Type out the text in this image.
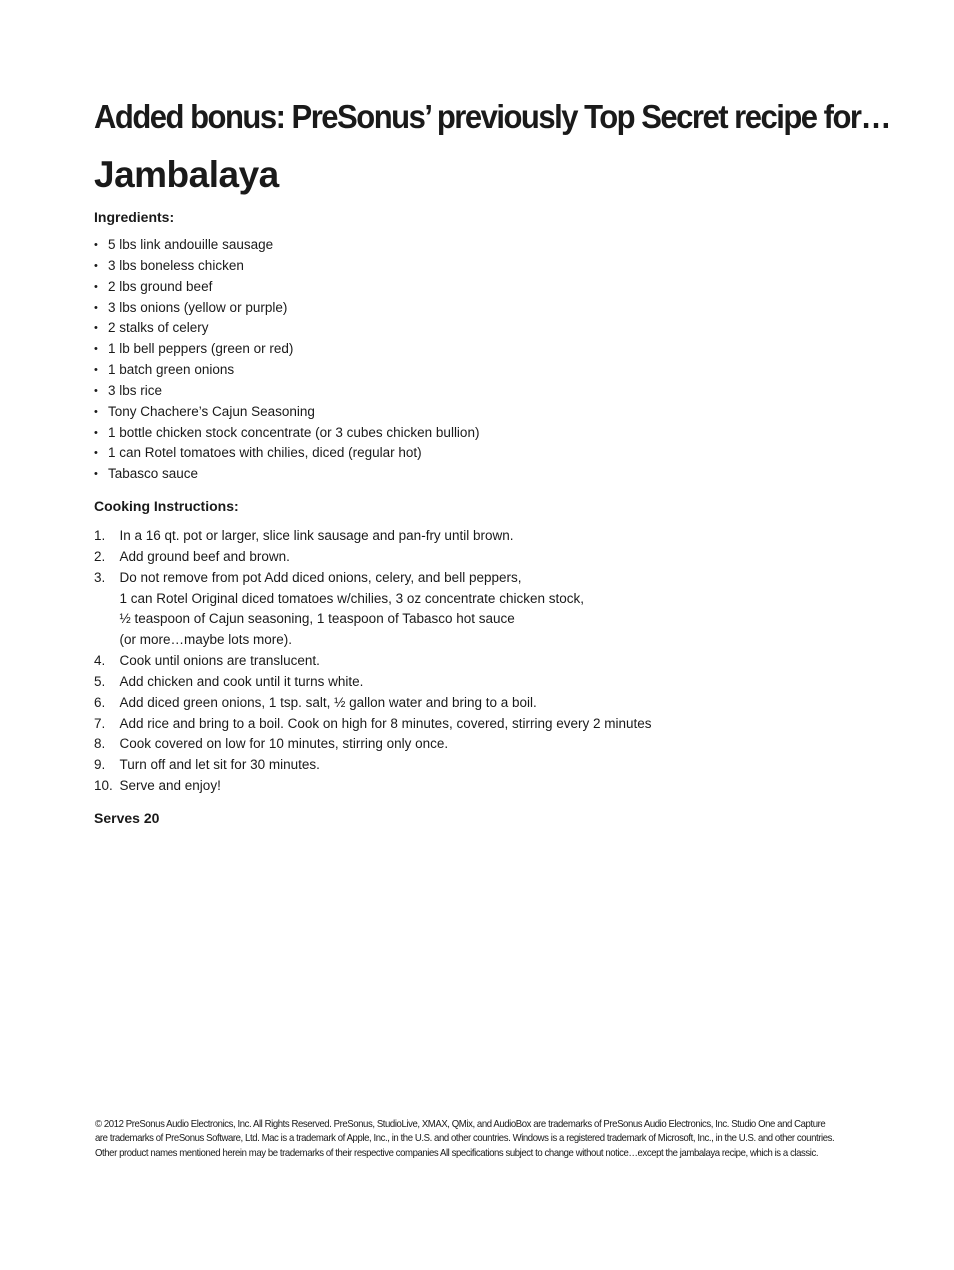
Added bonus: PreSonus’ previously Top Secret recipe for…
Jambalaya
Ingredients:
• 5 lbs link andouille sausage
• 3 lbs boneless chicken
• 2 lbs ground beef
• 3 lbs onions (yellow or purple)
• 2 stalks of celery
• 1 lb bell peppers (green or red)
• 1 batch green onions
• 3 lbs rice
• Tony Chachere’s Cajun Seasoning
• 1 bottle chicken stock concentrate (or 3 cubes chicken bullion)
• 1 can Rotel tomatoes with chilies, diced (regular hot)
• Tabasco sauce
Cooking Instructions:
1. In a 16 qt. pot or larger, slice link sausage and pan-fry until brown.
2. Add ground beef and brown.
3. Do not remove from pot Add diced onions, celery, and bell peppers,
1 can Rotel Original diced tomatoes w/chilies, 3 oz concentrate chicken stock,
½ teaspoon of Cajun seasoning, 1 teaspoon of Tabasco hot sauce
(or more…maybe lots more).
4. Cook until onions are translucent.
5. Add chicken and cook until it turns white.
6. Add diced green onions, 1 tsp. salt, ½ gallon water and bring to a boil.
7. Add rice and bring to a boil. Cook on high for 8 minutes, covered, stirring every 2 minutes
8. Cook covered on low for 10 minutes, stirring only once.
9. Turn off and let sit for 30 minutes.
10. Serve and enjoy!
Serves 20

© 2012 PreSonus Audio Electronics, Inc. All Rights Reserved. PreSonus, StudioLive, XMAX, QMix, and AudioBox are trademarks of PreSonus Audio Electronics, Inc. Studio One and Capture are trademarks of PreSonus Software, Ltd. Mac is a trademark of Apple, Inc., in the U.S. and other countries. Windows is a registered trademark of Microsoft, Inc., in the U.S. and other countries. Other product names mentioned herein may be trademarks of their respective companies All specifications subject to change without notice…except the jambalaya recipe, which is a classic.
